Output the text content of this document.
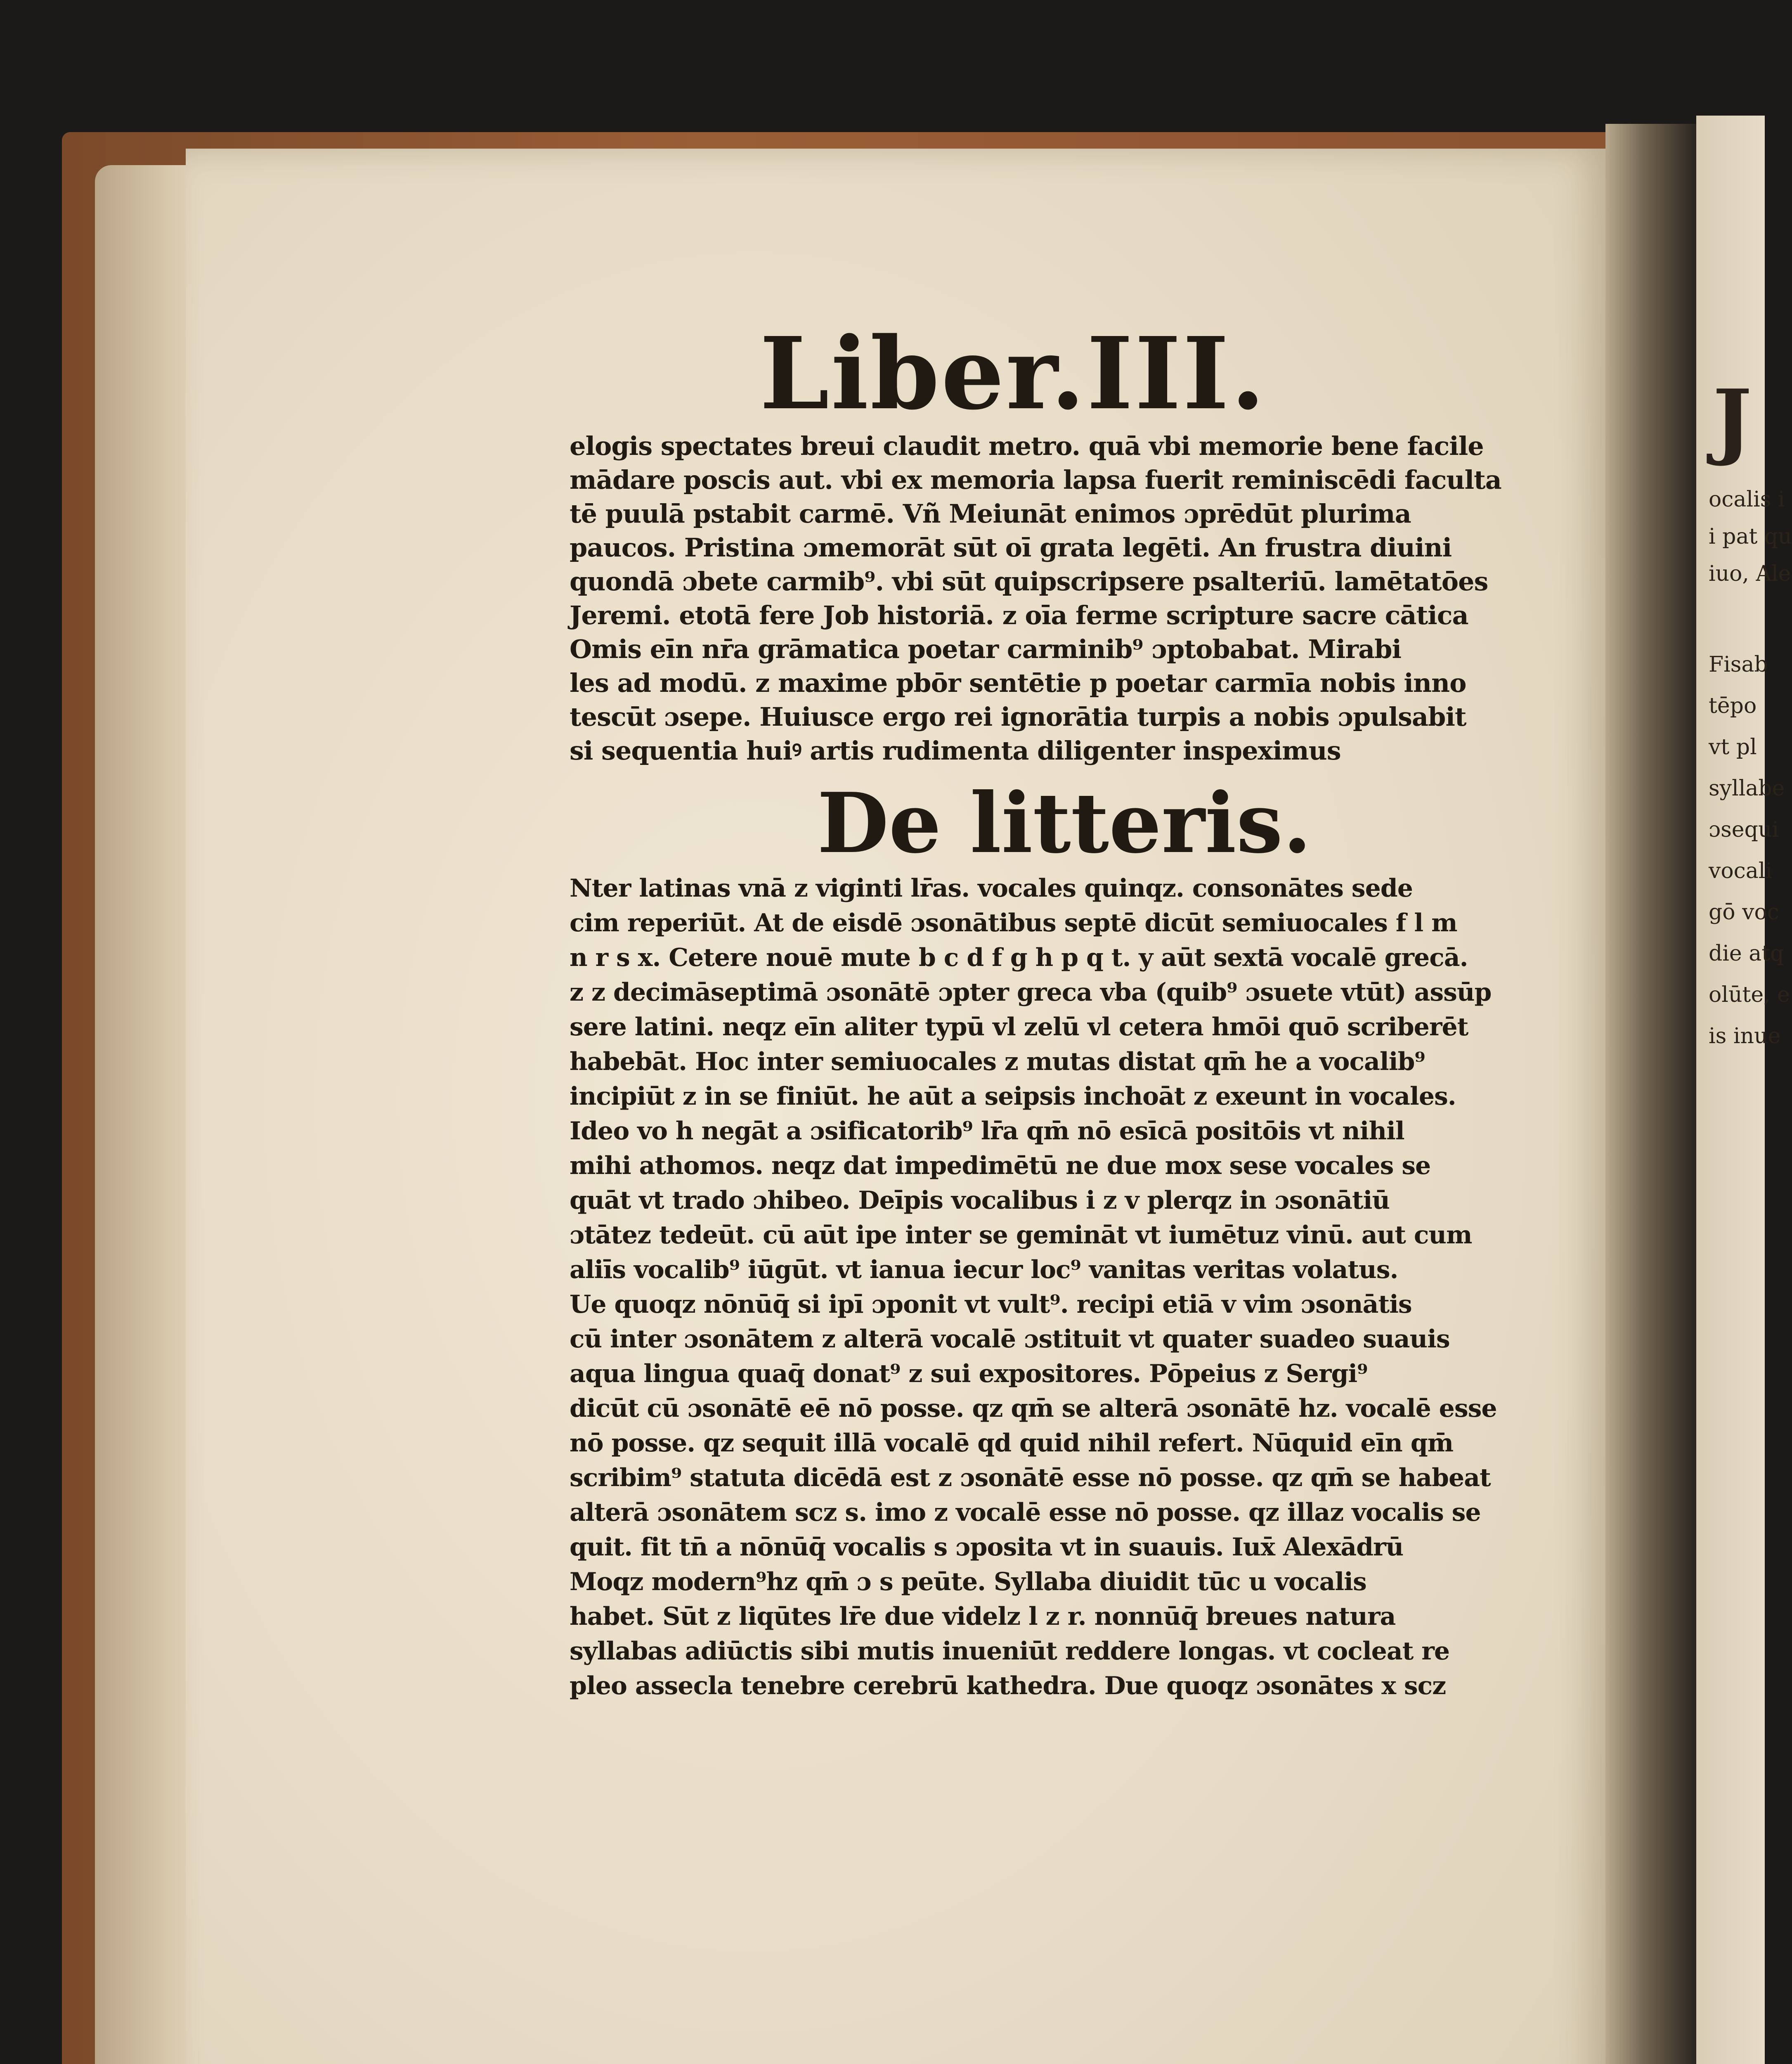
J
ocalis i
i pat qu
iuo, Ale
Fisab
tēpo
vt pl
syllabe
ɔsequi
vocali
gō voc
die atq
olūte, e
is inue
Liber.III.
elogis spectates breui claudit metro. quā vbi memorie bene facile
mādare poscis aut. vbi ex memoria lapsa fuerit reminiscēdi faculta
tē puulā pstabit carmē. Vñ Meiunāt enimos ɔprēdūt plurima
paucos. Pristina ɔmemorāt sūt oī grata legēti. An frustra diuini
quondā ɔbete carmib⁹. vbi sūt quipscripsere psalteriū. lamētatōes
Jeremi. etotā fere Job historiā. z oīa ferme scripture sacre cātica
Omis eīn nr̄a grāmatica poetar carminib⁹ ɔptobabat. Mirabi
les ad modū. z maxime pbōr sentētie p poetar carmīa nobis inno
tescūt ɔsepe. Huiusce ergo rei ignorātia turpis a nobis ɔpulsabit
si sequentia huiꝰ artis rudimenta diligenter inspeximus
De litteris.
Nter latinas vnā z viginti lr̄as. vocales quinqz. consonātes sede
cim reperiūt. At de eisdē ɔsonātibus septē dicūt semiuocales f l m
n r s x. Cetere nouē mute b c d f g h p q t. y aūt sextā vocalē grecā.
z z decimāseptimā ɔsonātē ɔpter greca vba (quib⁹ ɔsuete vtūt) assūp
sere latini. neqz eīn aliter typū vl zelū vl cetera hmōi quō scriberēt
habebāt. Hoc inter semiuocales z mutas distat qm̄ he a vocalib⁹
incipiūt z in se finiūt. he aūt a seipsis inchoāt z exeunt in vocales.
Ideo vo h negāt a ɔsificatorib⁹ lr̄a qm̄ nō esīcā positōis vt nihil
mihi athomos. neqz dat impedimētū ne due mox sese vocales se
quāt vt trado ɔhibeo. Deīpis vocalibus i z v plerqz in ɔsonātiū
ɔtātez tedeūt. cū aūt ipe inter se gemināt vt iumētuz vinū. aut cum
aliīs vocalib⁹ iūgūt. vt ianua iecur loc⁹ vanitas veritas volatus.
Ue quoqz nōnūq̄ si ipī ɔponit vt vult⁹. recipi etiā v vim ɔsonātis
cū inter ɔsonātem z alterā vocalē ɔstituit vt quater suadeo suauis
aqua lingua quaq̄ donat⁹ z sui expositores. Pōpeius z Sergi⁹
dicūt cū ɔsonātē eē nō posse. qz qm̄ se alterā ɔsonātē hz. vocalē esse
nō posse. qz sequit illā vocalē qd quid nihil refert. Nūquid eīn qm̄
scribim⁹ statuta dicēdā est z ɔsonātē esse nō posse. qz qm̄ se habeat
alterā ɔsonātem scz s. imo z vocalē esse nō posse. qz illaz vocalis se
quit. fit tn̄ a nōnūq̄ vocalis s ɔposita vt in suauis. Iux̄ Alexādrū
Moqz modern⁹hz qm̄ ɔ s peūte. Syllaba diuidit tūc u vocalis
habet. Sūt z liqūtes lr̄e due videlz l z r. nonnūq̄ breues natura
syllabas adiūctis sibi mutis inueniūt reddere longas. vt cocleat re
pleo assecla tenebre cerebrū kathedra. Due quoqz ɔsonātes x scz
